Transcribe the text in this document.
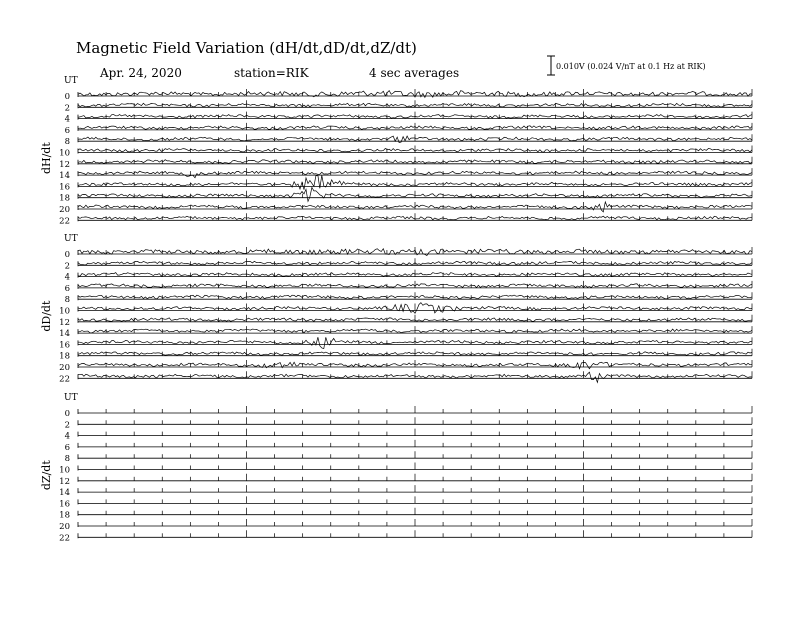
Magnetic Field Variation (dH/dt,dD/dt,dZ/dt)
Apr. 24, 2020	station=RIK	4 sec averages	0.010V (0.024 V/nT at 0.1 Hz at RIK)
UT
dH/dt
0
2
4
6
8
10
12
14
16
18
20
22
UT
dD/dt
0
2
4
6
8
10
12
14
16
18
20
22
UT
dZ/dt
0
2
4
6
8
10
12
14
16
18
20
22
